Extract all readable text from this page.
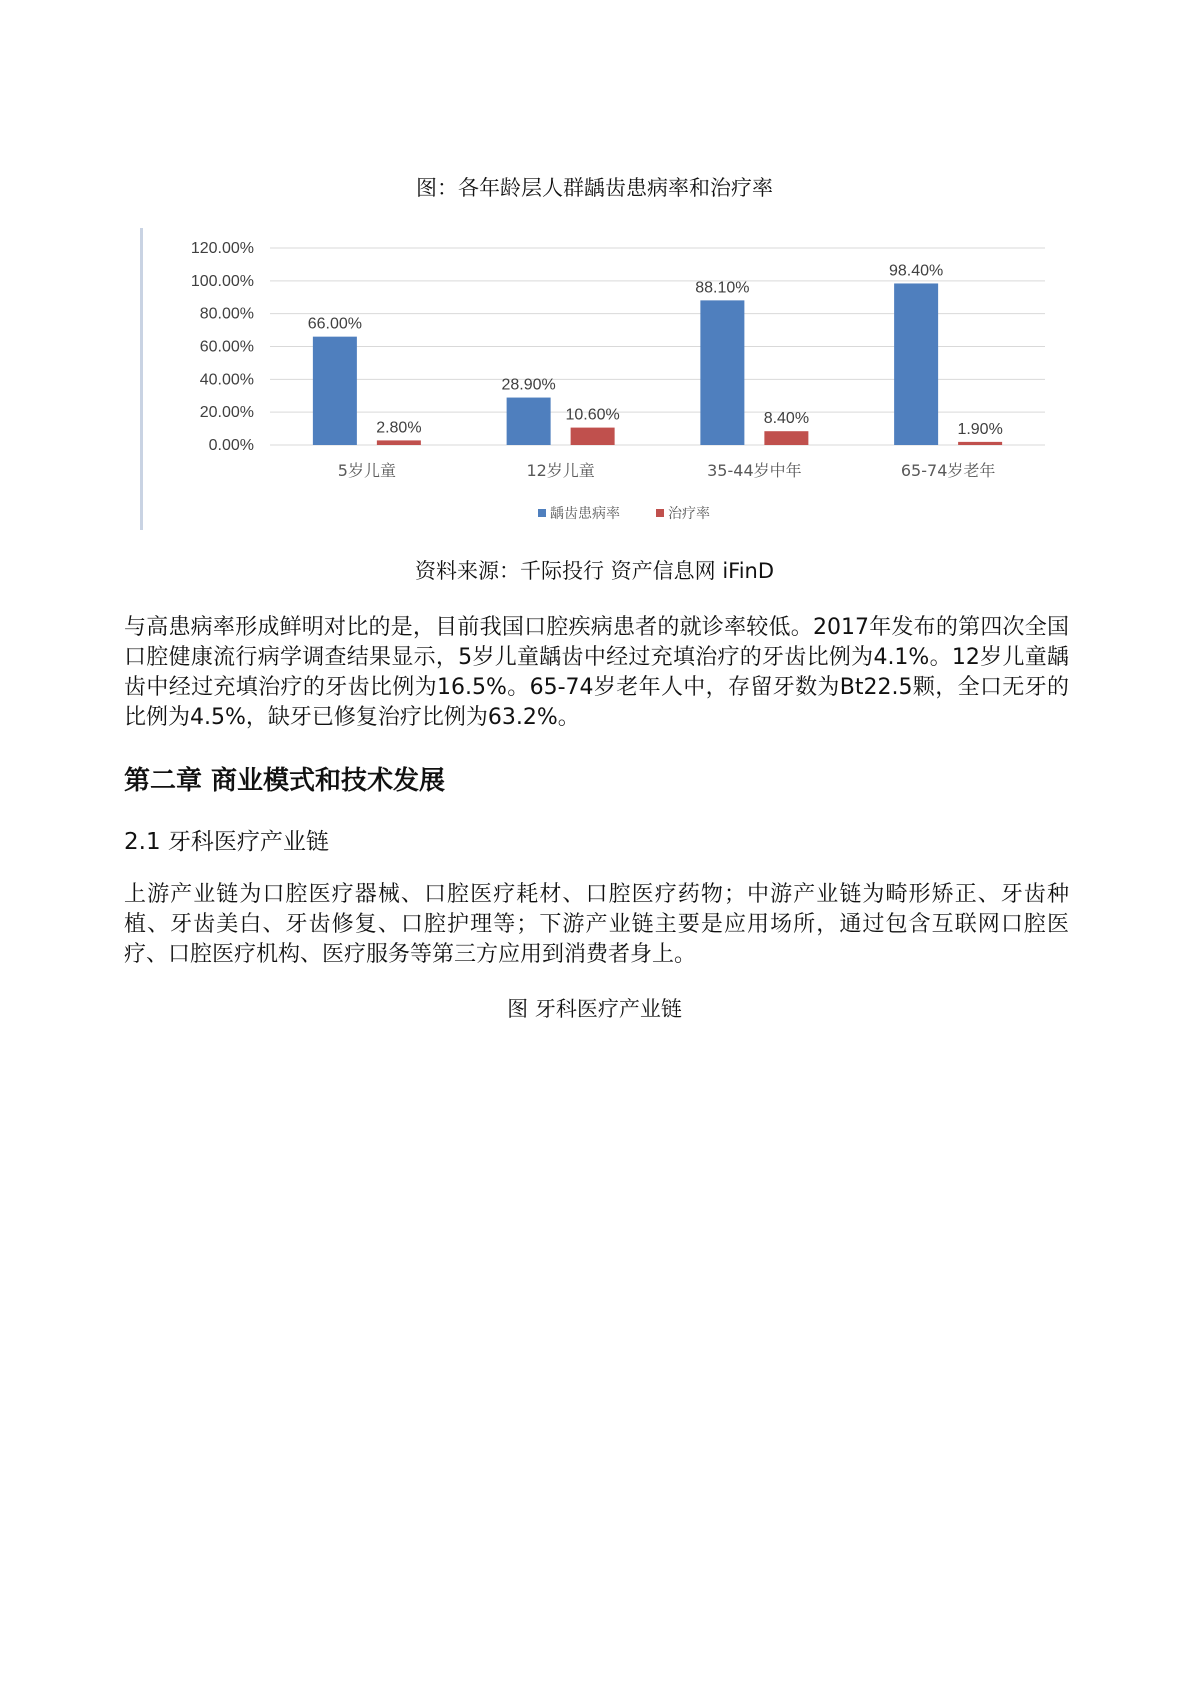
图：各年龄层人群龋齿患病率和治疗率
0.00%
20.00%
40.00%
60.00%
80.00%
100.00%
120.00%
66.00%
2.80%
5岁儿童
28.90%
10.60%
12岁儿童
88.10%
8.40%
35-44岁中年
98.40%
1.90%
65-74岁老年
龋齿患病率	治疗率
资料来源：千际投行 资产信息网 iFinD

与高患病率形成鲜明对比的是，目前我国口腔疾病患者的就诊率较低。2017年发布的第四次全国口腔健康流行病学调查结果显示，5岁儿童龋齿中经过充填治疗的牙齿比例为4.1%。12岁儿童龋齿中经过充填治疗的牙齿比例为16.5%。65-74岁老年人中，存留牙数为Bt22.5颗，全口无牙的比例为4.5%，缺牙已修复治疗比例为63.2%。

第二章 商业模式和技术发展
2.1 牙科医疗产业链

上游产业链为口腔医疗器械、口腔医疗耗材、口腔医疗药物；中游产业链为畸形矫正、牙齿种植、牙齿美白、牙齿修复、口腔护理等；下游产业链主要是应用场所，通过包含互联网口腔医疗、口腔医疗机构、医疗服务等第三方应用到消费者身上。

图 牙科医疗产业链
